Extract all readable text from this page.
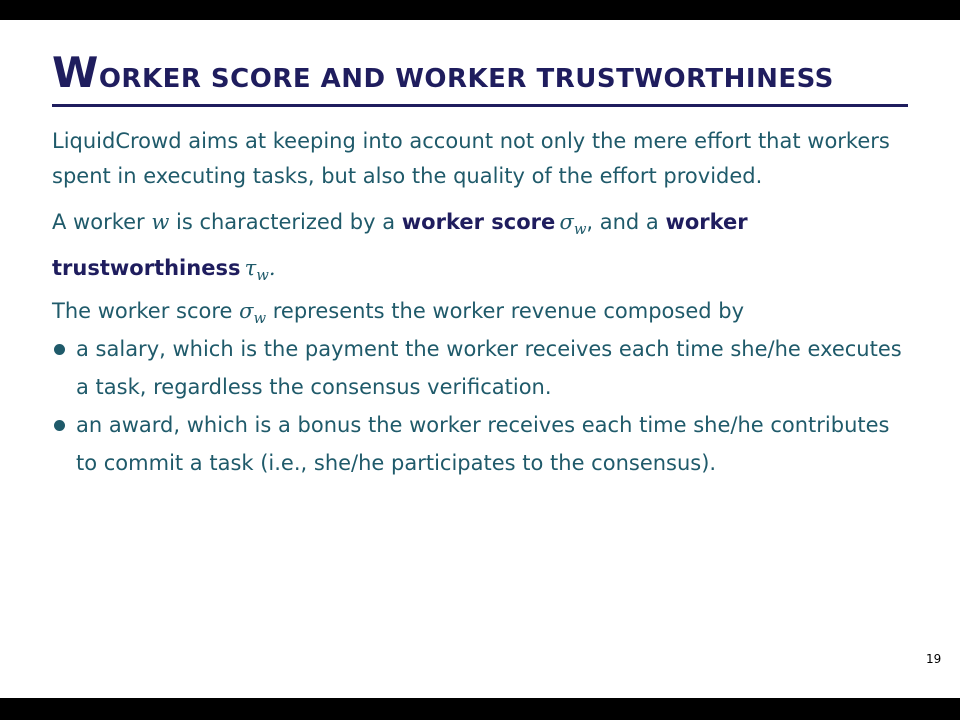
WORKER SCORE AND WORKER TRUSTWORTHINESS

LiquidCrowd aims at keeping into account not only the mere effort that workers spent in executing tasks, but also the quality of the effort provided.

A worker w is characterized by a worker score  $\sigma_w$, and a worker trustworthiness  $\tau_w$.

The worker score $\sigma_w$ represents the worker revenue composed by

a salary, which is the payment the worker receives each time she/he executes a task, regardless the consensus verification.
an award, which is a bonus the worker receives each time she/he contributes to commit a task (i.e., she/he participates to the consensus).
19
